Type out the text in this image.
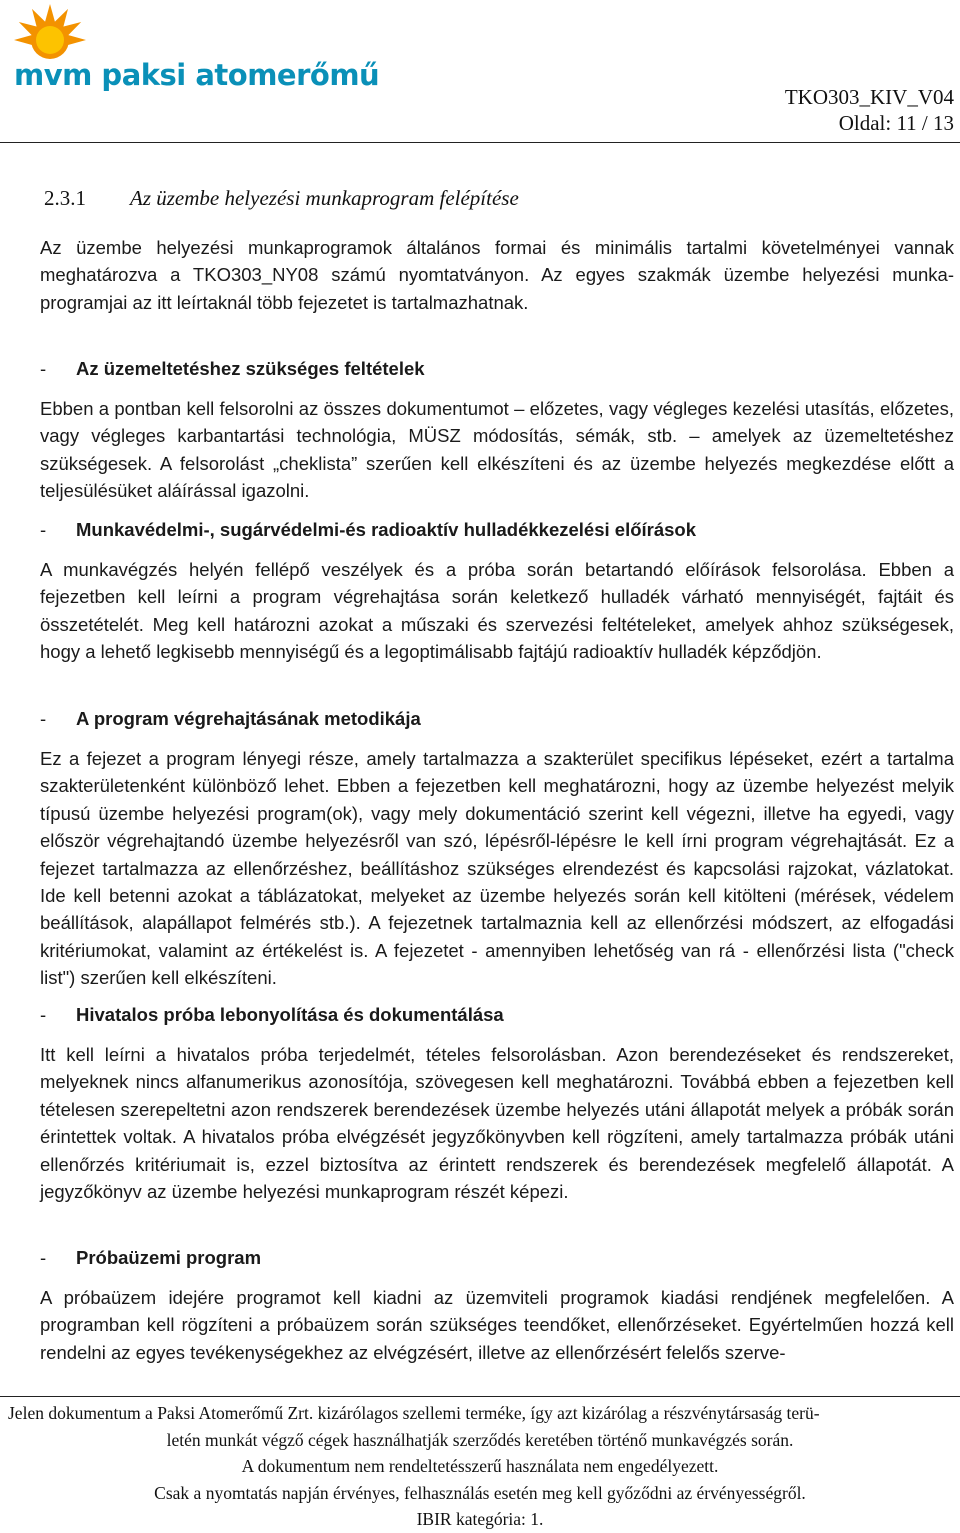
mvm paksi atomerőmű
TKO303_KIV_V04
Oldal: 11 / 13
2.3.1 Az üzembe helyezési munkaprogram felépítése

Az üzembe helyezési munkaprogramok általános formai és minimális tartalmi követelményei vannak meghatározva a TKO303_NY08 számú nyomtatványon. Az egyes szakmák üzembe helyezési munkaprogramjai az itt leírtaknál több fejezetet is tartalmazhatnak.

- Az üzemeltetéshez szükséges feltételek

Ebben a pontban kell felsorolni az összes dokumentumot – előzetes, vagy végleges kezelési utasítás, előzetes, vagy végleges karbantartási technológia, MÜSZ módosítás, sémák, stb. – amelyek az üzemeltetéshez szükségesek. A felsorolást „cheklista” szerűen kell elkészíteni és az üzembe helyezés megkezdése előtt a teljesülésüket aláírással igazolni.

- Munkavédelmi-, sugárvédelmi-és radioaktív hulladékkezelési előírások

A munkavégzés helyén fellépő veszélyek és a próba során betartandó előírások felsorolása. Ebben a fejezetben kell leírni a program végrehajtása során keletkező hulladék várható mennyiségét, fajtáit és összetételét. Meg kell határozni azokat a műszaki és szervezési feltételeket, amelyek ahhoz szükségesek, hogy a lehető legkisebb mennyiségű és a legoptimálisabb fajtájú radioaktív hulladék képződjön.

- A program végrehajtásának metodikája

Ez a fejezet a program lényegi része, amely tartalmazza a szakterület specifikus lépéseket, ezért a tartalma szakterületenként különböző lehet. Ebben a fejezetben kell meghatározni, hogy az üzembe helyezést melyik típusú üzembe helyezési program(ok), vagy mely dokumentáció szerint kell végezni, illetve ha egyedi, vagy először végrehajtandó üzembe helyezésről van szó, lépésről-lépésre le kell írni program végrehajtását. Ez a fejezet tartalmazza az ellenőrzéshez, beállításhoz szükséges elrendezést és kapcsolási rajzokat, vázlatokat. Ide kell betenni azokat a táblázatokat, melyeket az üzembe helyezés során kell kitölteni (mérések, védelem beállítások, alapállapot felmérés stb.). A fejezetnek tartalmaznia kell az ellenőrzési módszert, az elfogadási kritériumokat, valamint az értékelést is. A fejezetet - amennyiben lehetőség van rá - ellenőrzési lista ("check list") szerűen kell elkészíteni.

- Hivatalos próba lebonyolítása és dokumentálása

Itt kell leírni a hivatalos próba terjedelmét, tételes felsorolásban. Azon berendezéseket és rendszereket, melyeknek nincs alfanumerikus azonosítója, szövegesen kell meghatározni. Továbbá ebben a fejezetben kell tételesen szerepeltetni azon rendszerek berendezések üzembe helyezés utáni állapotát melyek a próbák során érintettek voltak. A hivatalos próba elvégzését jegyzőkönyvben kell rögzíteni, amely tartalmazza próbák utáni ellenőrzés kritériumait is, ezzel biztosítva az érintett rendszerek és berendezések megfelelő állapotát. A jegyzőkönyv az üzembe helyezési munkaprogram részét képezi.

- Próbaüzemi program

A próbaüzem idejére programot kell kiadni az üzemviteli programok kiadási rendjének megfelelően. A programban kell rögzíteni a próbaüzem során szükséges teendőket, ellenőrzéseket. Egyértelműen hozzá kell rendelni az egyes tevékenységekhez az elvégzésért, illetve az ellenőrzésért felelős szerve-

Jelen dokumentum a Paksi Atomerőmű Zrt. kizárólagos szellemi terméke, így azt kizárólag a részvénytársaság terü-
letén munkát végző cégek használhatják szerződés keretében történő munkavégzés során.
A dokumentum nem rendeltetésszerű használata nem engedélyezett.
Csak a nyomtatás napján érvényes, felhasználás esetén meg kell győződni az érvényességről.
IBIR kategória: 1.
